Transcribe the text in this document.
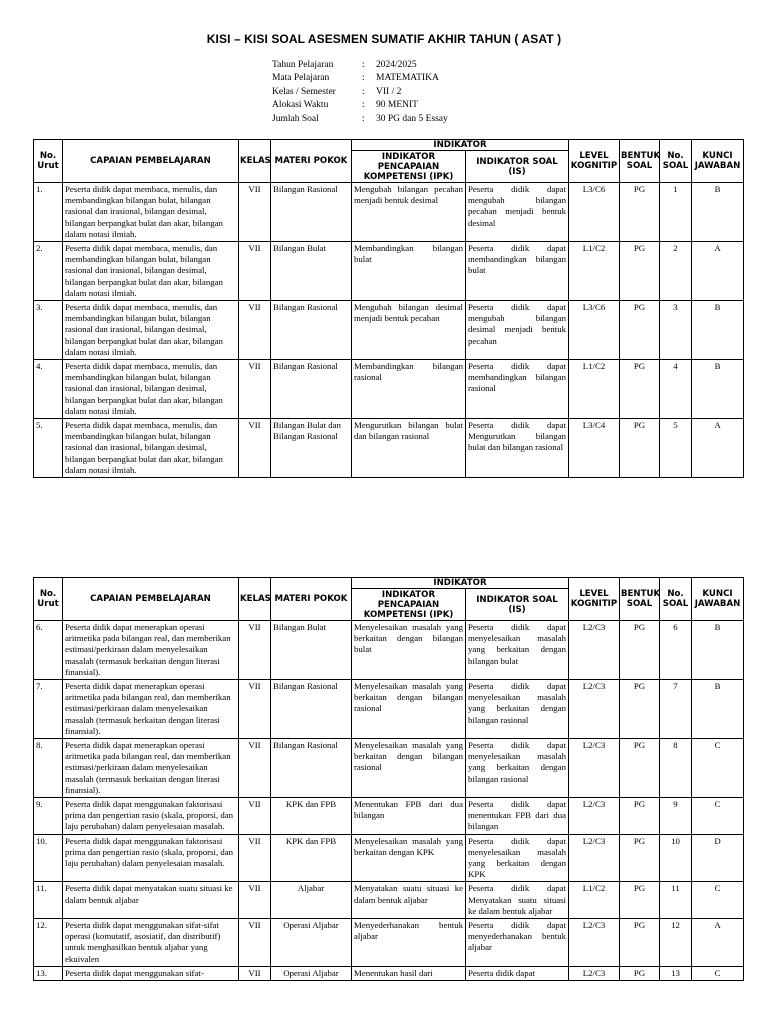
KISI – KISI SOAL ASESMEN SUMATIF AKHIR TAHUN ( ASAT )
Tahun Pelajaran	:	2024/2025
Mata Pelajaran	:	MATEMATIKA
Kelas / Semester	:	VII / 2
Alokasi Waktu	:	90 MENIT
Jumlah Soal	:	30 PG dan 5 Essay
No. Urut	CAPAIAN PEMBELAJARAN	KELAS	MATERI POKOK	INDIKATOR		LEVEL KOGNITIP	BENTUK SOAL	No. SOAL	KUNCI JAWABAN
				INDIKATOR PENCAPAIAN KOMPETENSI (IPK)	INDIKATOR SOAL (IS)				
1.	Peserta didik dapat membaca, menulis, dan membandingkan bilangan bulat, bilangan rasional dan irasional, bilangan desimal, bilangan berpangkat bulat dan akar, bilangan dalam notasi ilmiah.	VII	Bilangan Rasional	Mengubah bilangan pecahan menjadi bentuk desimal	Peserta didik dapat mengubah bilangan pecahan menjadi bentuk desimal	L3/C6	PG	1	B
2.	Peserta didik dapat membaca, menulis, dan membandingkan bilangan bulat, bilangan rasional dan irasional, bilangan desimal, bilangan berpangkat bulat dan akar, bilangan dalam notasi ilmiah.	VII	Bilangan Bulat	Membandingkan bilangan bulat	Peserta didik dapat membandingkan bilangan bulat	L1/C2	PG	2	A
3.	Peserta didik dapat membaca, menulis, dan membandingkan bilangan bulat, bilangan rasional dan irasional, bilangan desimal, bilangan berpangkat bulat dan akar, bilangan dalam notasi ilmiah.	VII	Bilangan Rasional	Mengubah bilangan desimal menjadi bentuk pecahan	Peserta didik dapat mengubah bilangan desimal menjadi bentuk pecahan	L3/C6	PG	3	B
4.	Peserta didik dapat membaca, menulis, dan membandingkan bilangan bulat, bilangan rasional dan irasional, bilangan desimal, bilangan berpangkat bulat dan akar, bilangan dalam notasi ilmiah.	VII	Bilangan Rasional	Membandingkan bilangan rasional	Peserta didik dapat membandingkan bilangan rasional	L1/C2	PG	4	B
5.	Peserta didik dapat membaca, menulis, dan membandingkan bilangan bulat, bilangan rasional dan irasional, bilangan desimal, bilangan berpangkat bulat dan akar, bilangan dalam notasi ilmiah.	VII	Bilangan Bulat dan Bilangan Rasional	Mengurutkan bilangan bulat dan bilangan rasional	Peserta didik dapat Mengurutkan bilangan bulat dan bilangan rasional	L3/C4	PG	5	A
No. Urut	CAPAIAN PEMBELAJARAN	KELAS	MATERI POKOK	INDIKATOR		LEVEL KOGNITIP	BENTUK SOAL	No. SOAL	KUNCI JAWABAN
				INDIKATOR PENCAPAIAN KOMPETENSI (IPK)	INDIKATOR SOAL (IS)				
6.	Peserta didik dapat menerapkan operasi aritmetika pada bilangan real, dan memberikan estimasi/perkiraan dalam menyelesaikan masalah (termasuk berkaitan dengan literasi finansial).	VII	Bilangan Bulat	Menyelesaikan masalah yang berkaitan dengan bilangan bulat	Peserta didik dapat menyelesaikan masalah yang berkaitan dengan bilangan bulat	L2/C3	PG	6	B
7.	Peserta didik dapat menerapkan operasi aritmetika pada bilangan real, dan memberikan estimasi/perkiraan dalam menyelesaikan masalah (termasuk berkaitan dengan literasi finansial).	VII	Bilangan Rasional	Menyelesaikan masalah yang berkaitan dengan bilangan rasional	Peserta didik dapat menyelesaikan masalah yang berkaitan dengan bilangan rasional	L2/C3	PG	7	B
8.	Peserta didik dapat menerapkan operasi aritmetika pada bilangan real, dan memberikan estimasi/perkiraan dalam menyelesaikan masalah (termasuk berkaitan dengan literasi finansial).	VII	Bilangan Rasional	Menyelesaikan masalah yang berkaitan dengan bilangan rasional	Peserta didik dapat menyelesaikan masalah yang berkaitan dengan bilangan rasional	L2/C3	PG	8	C
9.	Peserta didik dapat menggunakan faktorisasi prima dan pengertian rasio (skala, proporsi, dan laju perubahan) dalam penyelesaian masalah.	VII	KPK dan FPB	Menentukan FPB dari dua bilangan	Peserta didik dapat menentukan FPB dari dua bilangan	L2/C3	PG	9	C
10.	Peserta didik dapat menggunakan faktorisasi prima dan pengertian rasio (skala, proporsi, dan laju perubahan) dalam penyelesaian masalah.	VII	KPK dan FPB	Menyelesaikan masalah yang berkaitan dengan KPK	Peserta didik dapat menyelesaikan masalah yang berkaitan dengan KPK	L2/C3	PG	10	D
11.	Peserta didik dapat menyatakan suatu situasi ke dalam bentuk aljabar	VII	Aljabar	Menyatakan suatu situasi ke dalam bentuk aljabar	Peserta didik dapat Menyatakan suatu situasi ke dalam bentuk aljabar	L1/C2	PG	11	C
12.	Peserta didik dapat menggunakan sifat-sifat operasi (komutatif, asosiatif, dan distributif) untuk menghasilkan bentuk aljabar yang ekuivalen	VII	Operasi Aljabar	Menyederhanakan bentuk aljabar	Peserta didik dapat menyederhanakan bentuk aljabar	L2/C3	PG	12	A
13.	Peserta didik dapat menggunakan sifat-	VII	Operasi Aljabar	Menentukan hasil dari	Peserta didik dapat	L2/C3	PG	13	C
